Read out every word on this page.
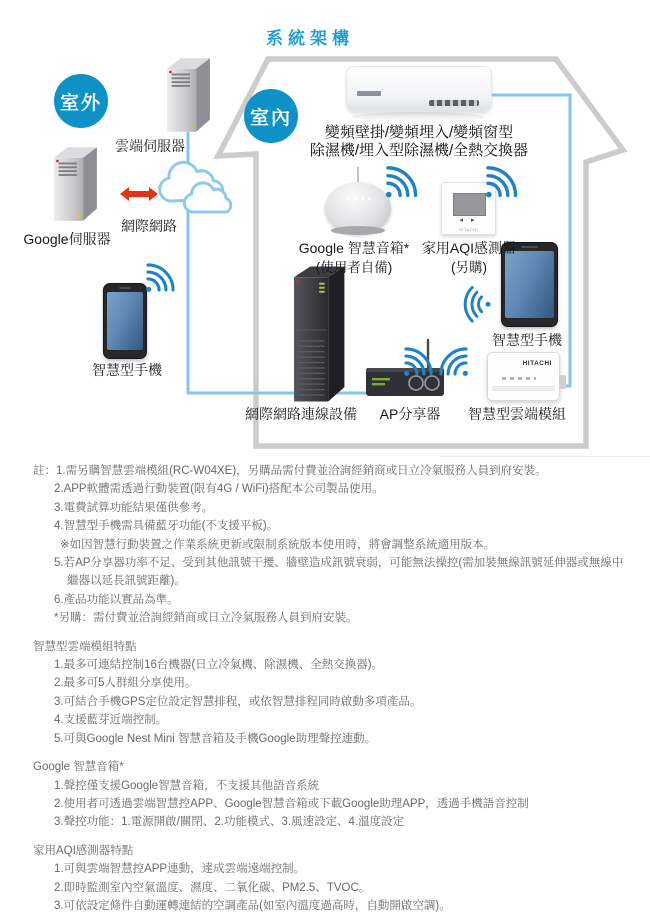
系統架構
室外
室內
◂ ▸
HITACHI
HITACHI
雲端伺服器
Google伺服器
網際網路
智慧型手機
變頻壁掛/變頻埋入/變頻窗型
除濕機/埋入型除濕機/全熱交換器
Google 智慧音箱*
(使用者自備)
家用AQI感測器
(另購)
智慧型手機
網際網路連線設備	AP分享器	智慧型雲端模組
註： 1.需另購智慧雲端模組(RC-W04XE)，另購品需付費並洽詢經銷商或日立冷氣服務人員到府安裝。
2.APP軟體需透過行動裝置(限有4G / WiFi)搭配本公司製品使用。
3.電費試算功能結果僅供參考。
4.智慧型手機需具備藍牙功能(不支援平板)。
※如因智慧行動裝置之作業系統更新或限制系統版本使用時，將會調整系統適用版本。
5.若AP分享器功率不足、受到其他訊號干擾、牆壁造成訊號衰弱，可能無法操控(需加裝無線訊號延伸器或無線中繼器以延長訊號距離)。
6.產品功能以實品為準。
*另購：需付費並洽詢經銷商或日立冷氣服務人員到府安裝。
智慧型雲端模組特點
1.最多可連結控制16台機器(日立冷氣機、除濕機、全熱交換器)。
2.最多可5人群組分享使用。
3.可結合手機GPS定位設定智慧排程，或依智慧排程同時啟動多項產品。
4.支援藍芽近端控制。
5.可與Google Nest Mini 智慧音箱及手機Google助理聲控連動。
Google 智慧音箱*
1.聲控僅支援Google智慧音箱，不支援其他語音系統
2.使用者可透過雲端智慧控APP、Google智慧音箱或下載Google助理APP，透過手機語音控制
3.聲控功能：1.電源開啟/關閉、2.功能模式、3.風速設定、4.溫度設定
家用AQI感測器特點
1.可與雲端智慧控APP連動，達成雲端遠端控制。
2.即時監測室內空氣溫度、濕度、二氧化碳、PM2.5、TVOC。
3.可依設定條件自動運轉連結的空調產品(如室內溫度過高時，自動開啟空調)。
